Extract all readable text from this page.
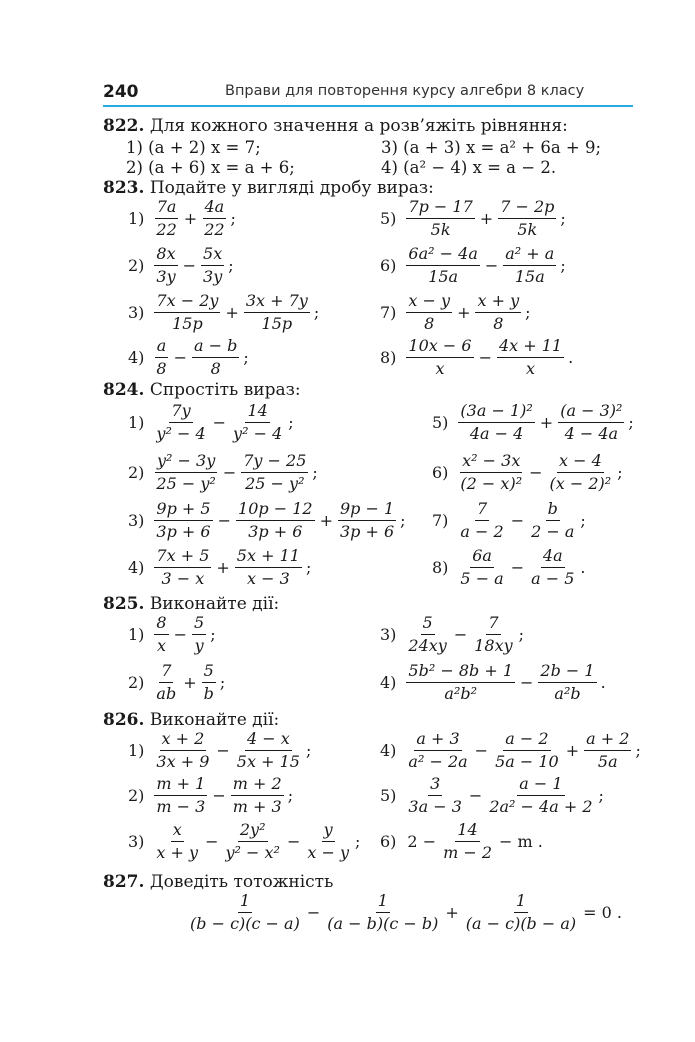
240	Вправи для повторення курсу алгебри 8 класу
822. Для кожного значення a розв’яжіть рівняння:
1) (a + 2) x = 7;	3) (a + 3) x = a² + 6a + 9;
2) (a + 6) x = a + 6;	4) (a² − 4) x = a − 2.
823. Подайте у вигляді дробу вираз:
$1) \frac{7a}{22} + \frac{4a}{22}$ ;	$5) \frac{7p - 17}{5k} + \frac{7 - 2p}{5k}$ ;
$2) \frac{8x}{3y} - \frac{5x}{3y}$ ;	$6) \frac{\text{6a² − 4a}}{15a} - \frac{\text{a² + a}}{15a}$ ;
$3) \frac{7x - 2y}{15p} + \frac{3x + 7y}{15p}$ ;	$7) \frac{x - y}{8} + \frac{x + y}{8}$ ;
$4) \frac{a}{8} - \frac{a - b}{8}$ ;	$8) \frac{10x - 6}{x} - \frac{4x + 11}{x}$ .
824. Спростіть вираз:
$1) \frac{7y}{\text{y² − 4}} - \frac{14}{\text{y² − 4}}$ ;	$5) \frac{\text{(3a − 1)²}}{4a - 4} + \frac{\text{(a − 3)²}}{4 - 4a}$ ;
$2) \frac{\text{y² − 3y}}{\text{25 − y²}} - \frac{7y - 25}{\text{25 − y²}}$ ;	$6) \frac{\text{x² − 3x}}{\text{(2 − x)²}} - \frac{x - 4}{\text{(x − 2)²}}$ ;
$3) \frac{9p + 5}{3p + 6} - \frac{10p - 12}{3p + 6} + \frac{9p - 1}{3p + 6}$ ; $7) \frac{7}{a - 2} - \frac{b}{2 - a}$ ;
$4) \frac{7x + 5}{3 - x} + \frac{5x + 11}{x - 3}$ ;	$8) \frac{6a}{5 - a} - \frac{4a}{a - 5}$ .
825. Виконайте дії:
$1) \frac{8}{x} - \frac{5}{y}$ ;	$3) \frac{5}{24xy} - \frac{7}{18xy}$ ;
$2) \frac{7}{ab} + \frac{5}{b}$ ;	$4) \frac{\text{5b² − 8b + 1}}{\text{a²b²}} - \frac{2b - 1}{\text{a²b}}$ .
826. Виконайте дії:
$1) \frac{x + 2}{3x + 9} - \frac{4 - x}{5x + 15}$ ;	$4) \frac{a + 3}{\text{a² − 2a}} - \frac{a - 2}{5a - 10} + \frac{a + 2}{5a}$ ;
$2) \frac{m + 1}{m - 3} - \frac{m + 2}{m + 3}$ ;	$5) \frac{3}{3a - 3} - \frac{a - 1}{\text{2a² − 4a + 2}}$ ;
$3) \frac{x}{x + y} - \frac{\text{2y²}}{\text{y² − x²}} - \frac{y}{x - y}$ ; 6) $2 - \frac{14}{m - 2} - m$ .
827. Доведіть тотожність
$\frac{1}{(b - c)(c - a)} - \frac{1}{(a - b)(c - b)} + \frac{1}{(a - c)(b - a)} = 0$ .
